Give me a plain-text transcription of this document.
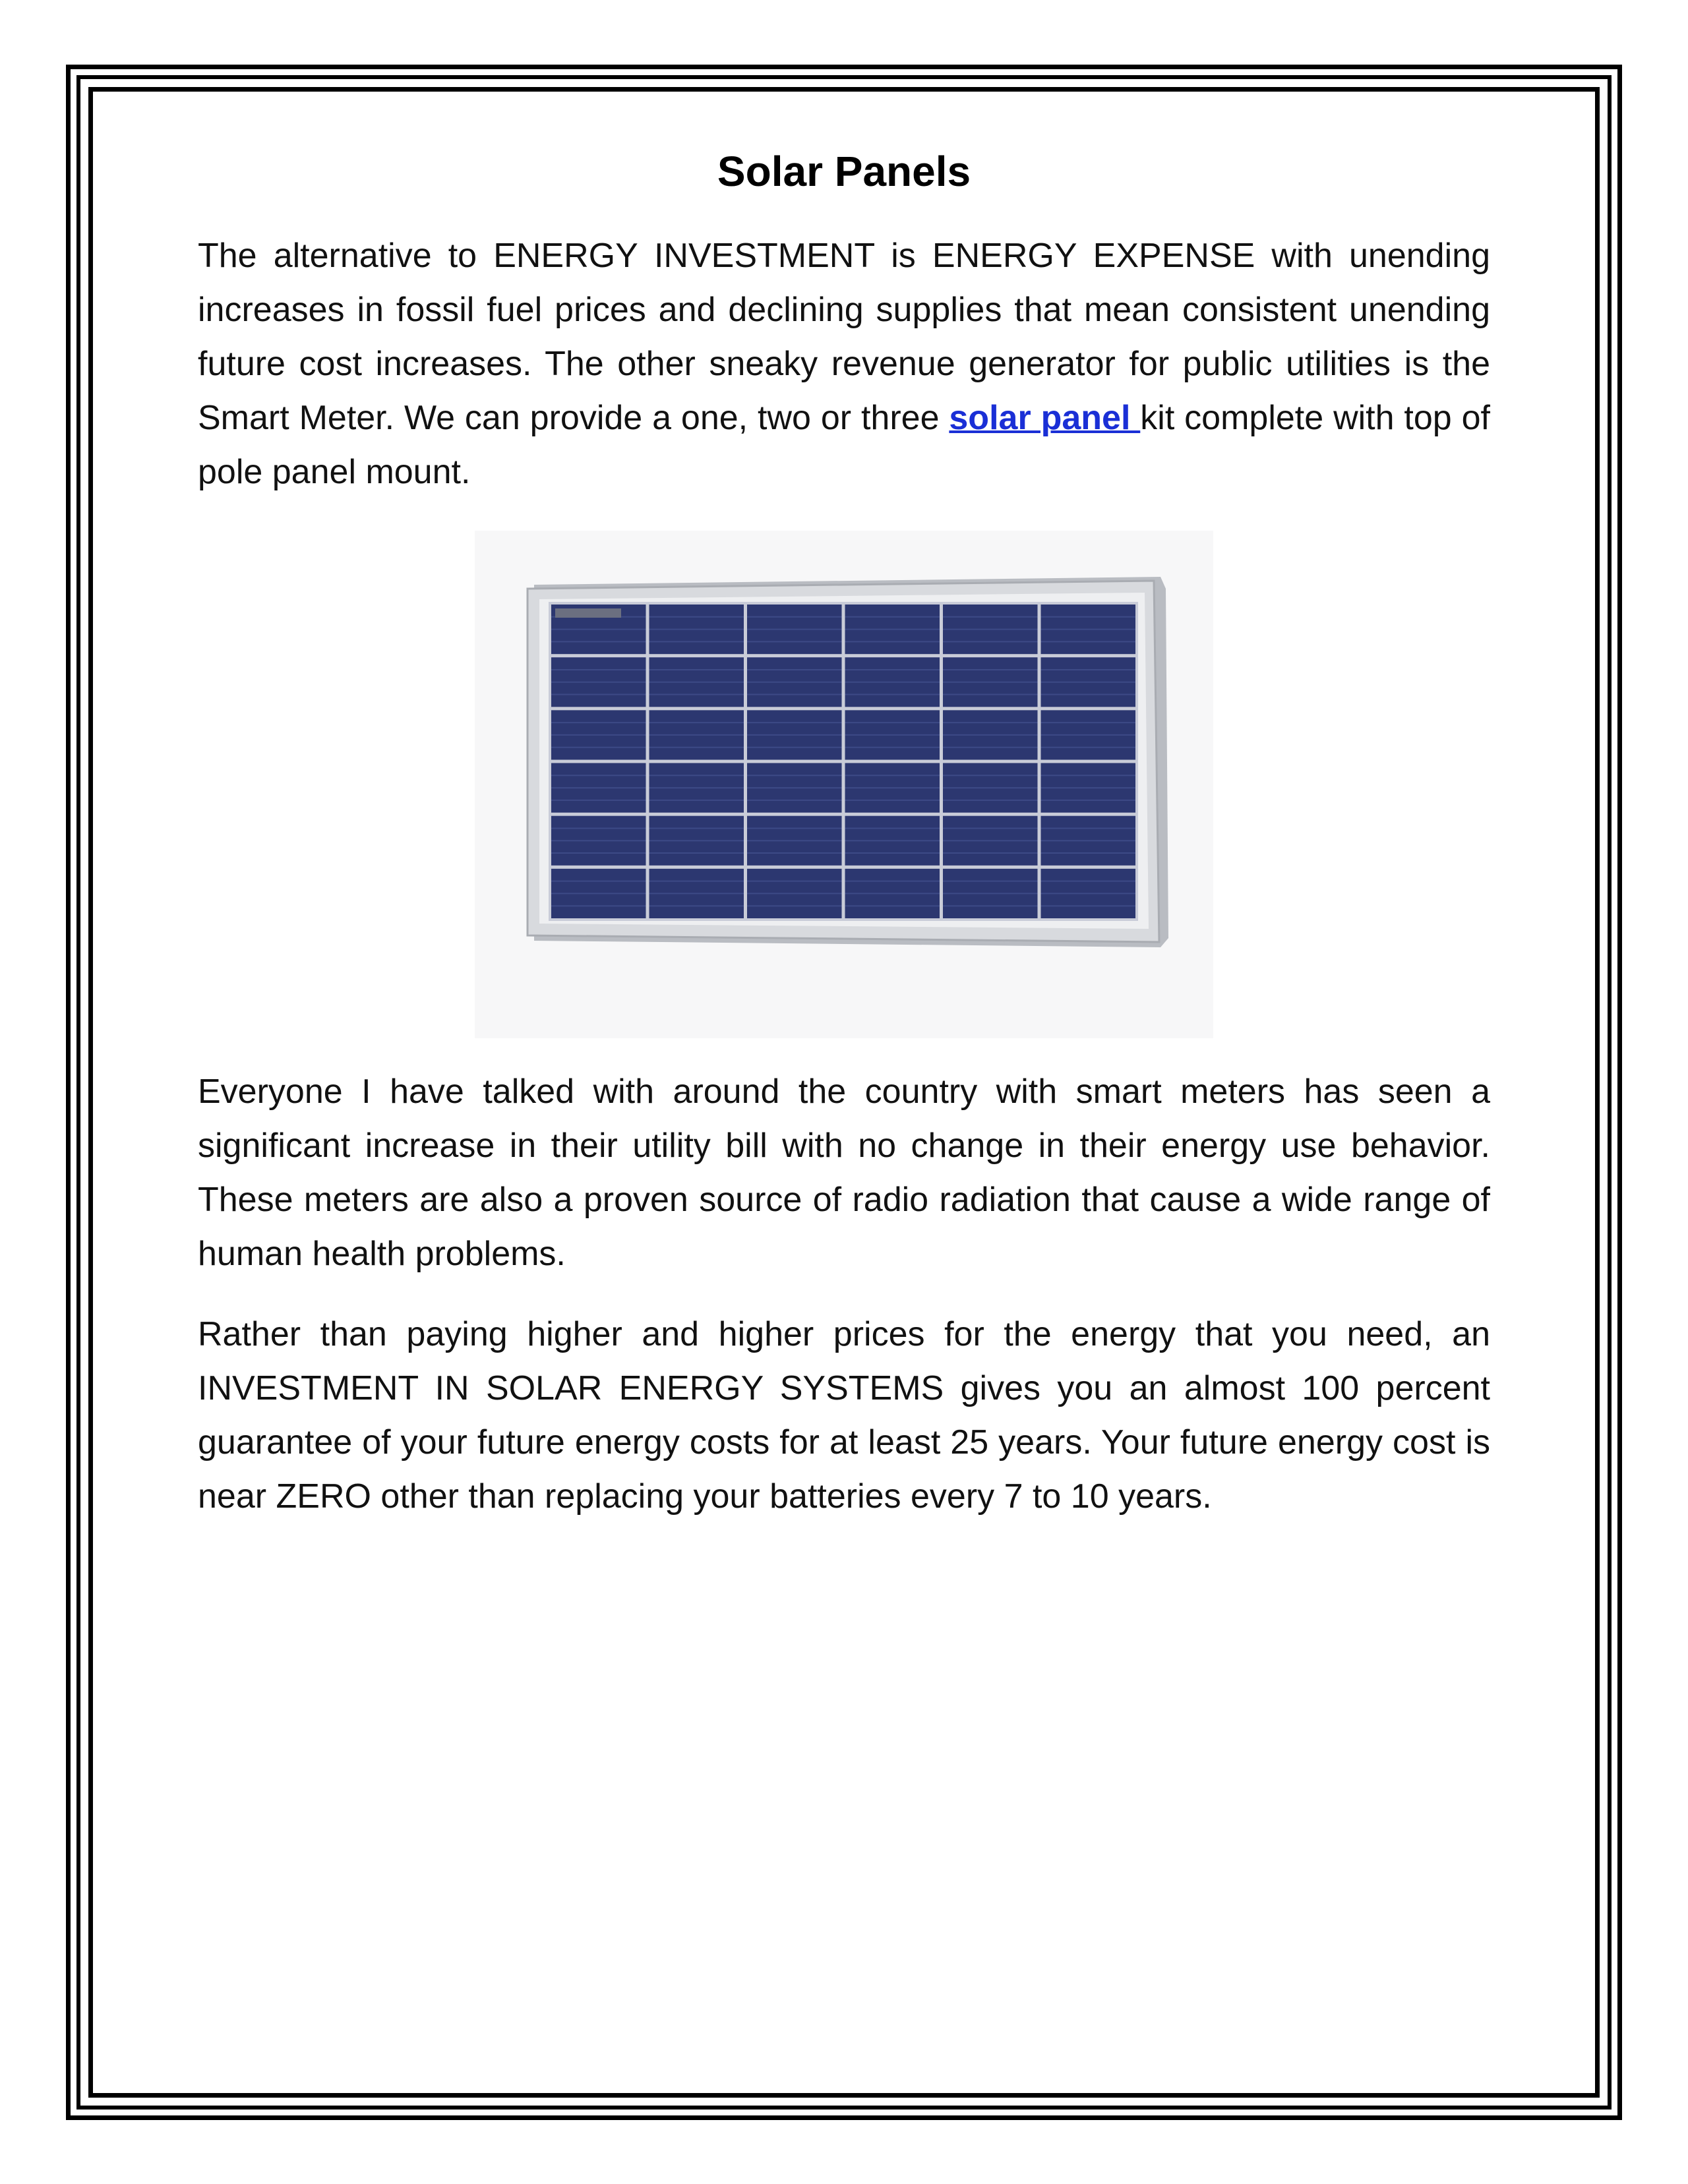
Solar Panels

The alternative to ENERGY INVESTMENT is ENERGY EXPENSE with unending increases in fossil fuel prices and declining supplies that mean consistent unending future cost increases. The other sneaky revenue generator for public utilities is the Smart Meter. We can provide a one, two or three solar panel kit complete with top of pole panel mount.

Everyone I have talked with around the country with smart meters has seen a significant increase in their utility bill with no change in their energy use behavior. These meters are also a proven source of radio radiation that cause a wide range of human health problems.

Rather than paying higher and higher prices for the energy that you need, an INVESTMENT IN SOLAR ENERGY SYSTEMS gives you an almost 100 percent guarantee of your future energy costs for at least 25 years. Your future energy cost is near ZERO other than replacing your batteries every 7 to 10 years.
